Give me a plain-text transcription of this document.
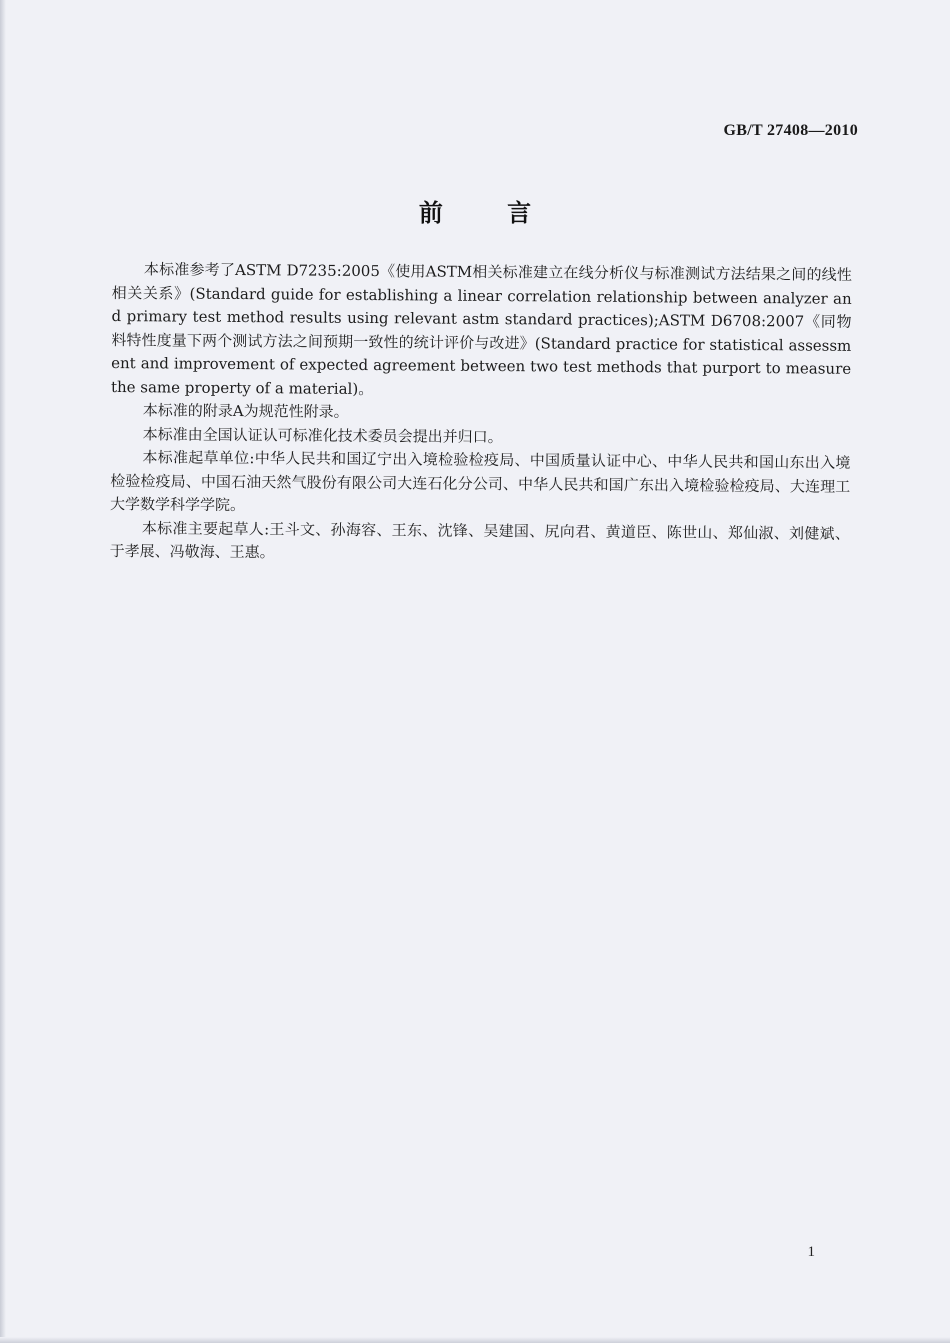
GB/T 27408—2010
前 言

本标准参考了ASTM D7235:2005《使用ASTM相关标准建立在线分析仪与标准测试方法结果之间的线性相关关系》(Standard guide for establishing a linear correlation relationship between analyzer and primary test method results using relevant astm standard practices);ASTM D6708:2007《同物料特性度量下两个测试方法之间预期一致性的统计评价与改进》(Standard practice for statistical assessment and improvement of expected agreement between two test methods that purport to measure the same property of a material)。

本标准的附录A为规范性附录。

本标准由全国认证认可标准化技术委员会提出并归口。

本标准起草单位:中华人民共和国辽宁出入境检验检疫局、中国质量认证中心、中华人民共和国山东出入境检验检疫局、中国石油天然气股份有限公司大连石化分公司、中华人民共和国广东出入境检验检疫局、大连理工大学数学科学学院。

本标准主要起草人:王斗文、孙海容、王东、沈锋、吴建国、尻向君、黄道臣、陈世山、郑仙淑、刘健斌、于孝展、冯敬海、王惠。

1
